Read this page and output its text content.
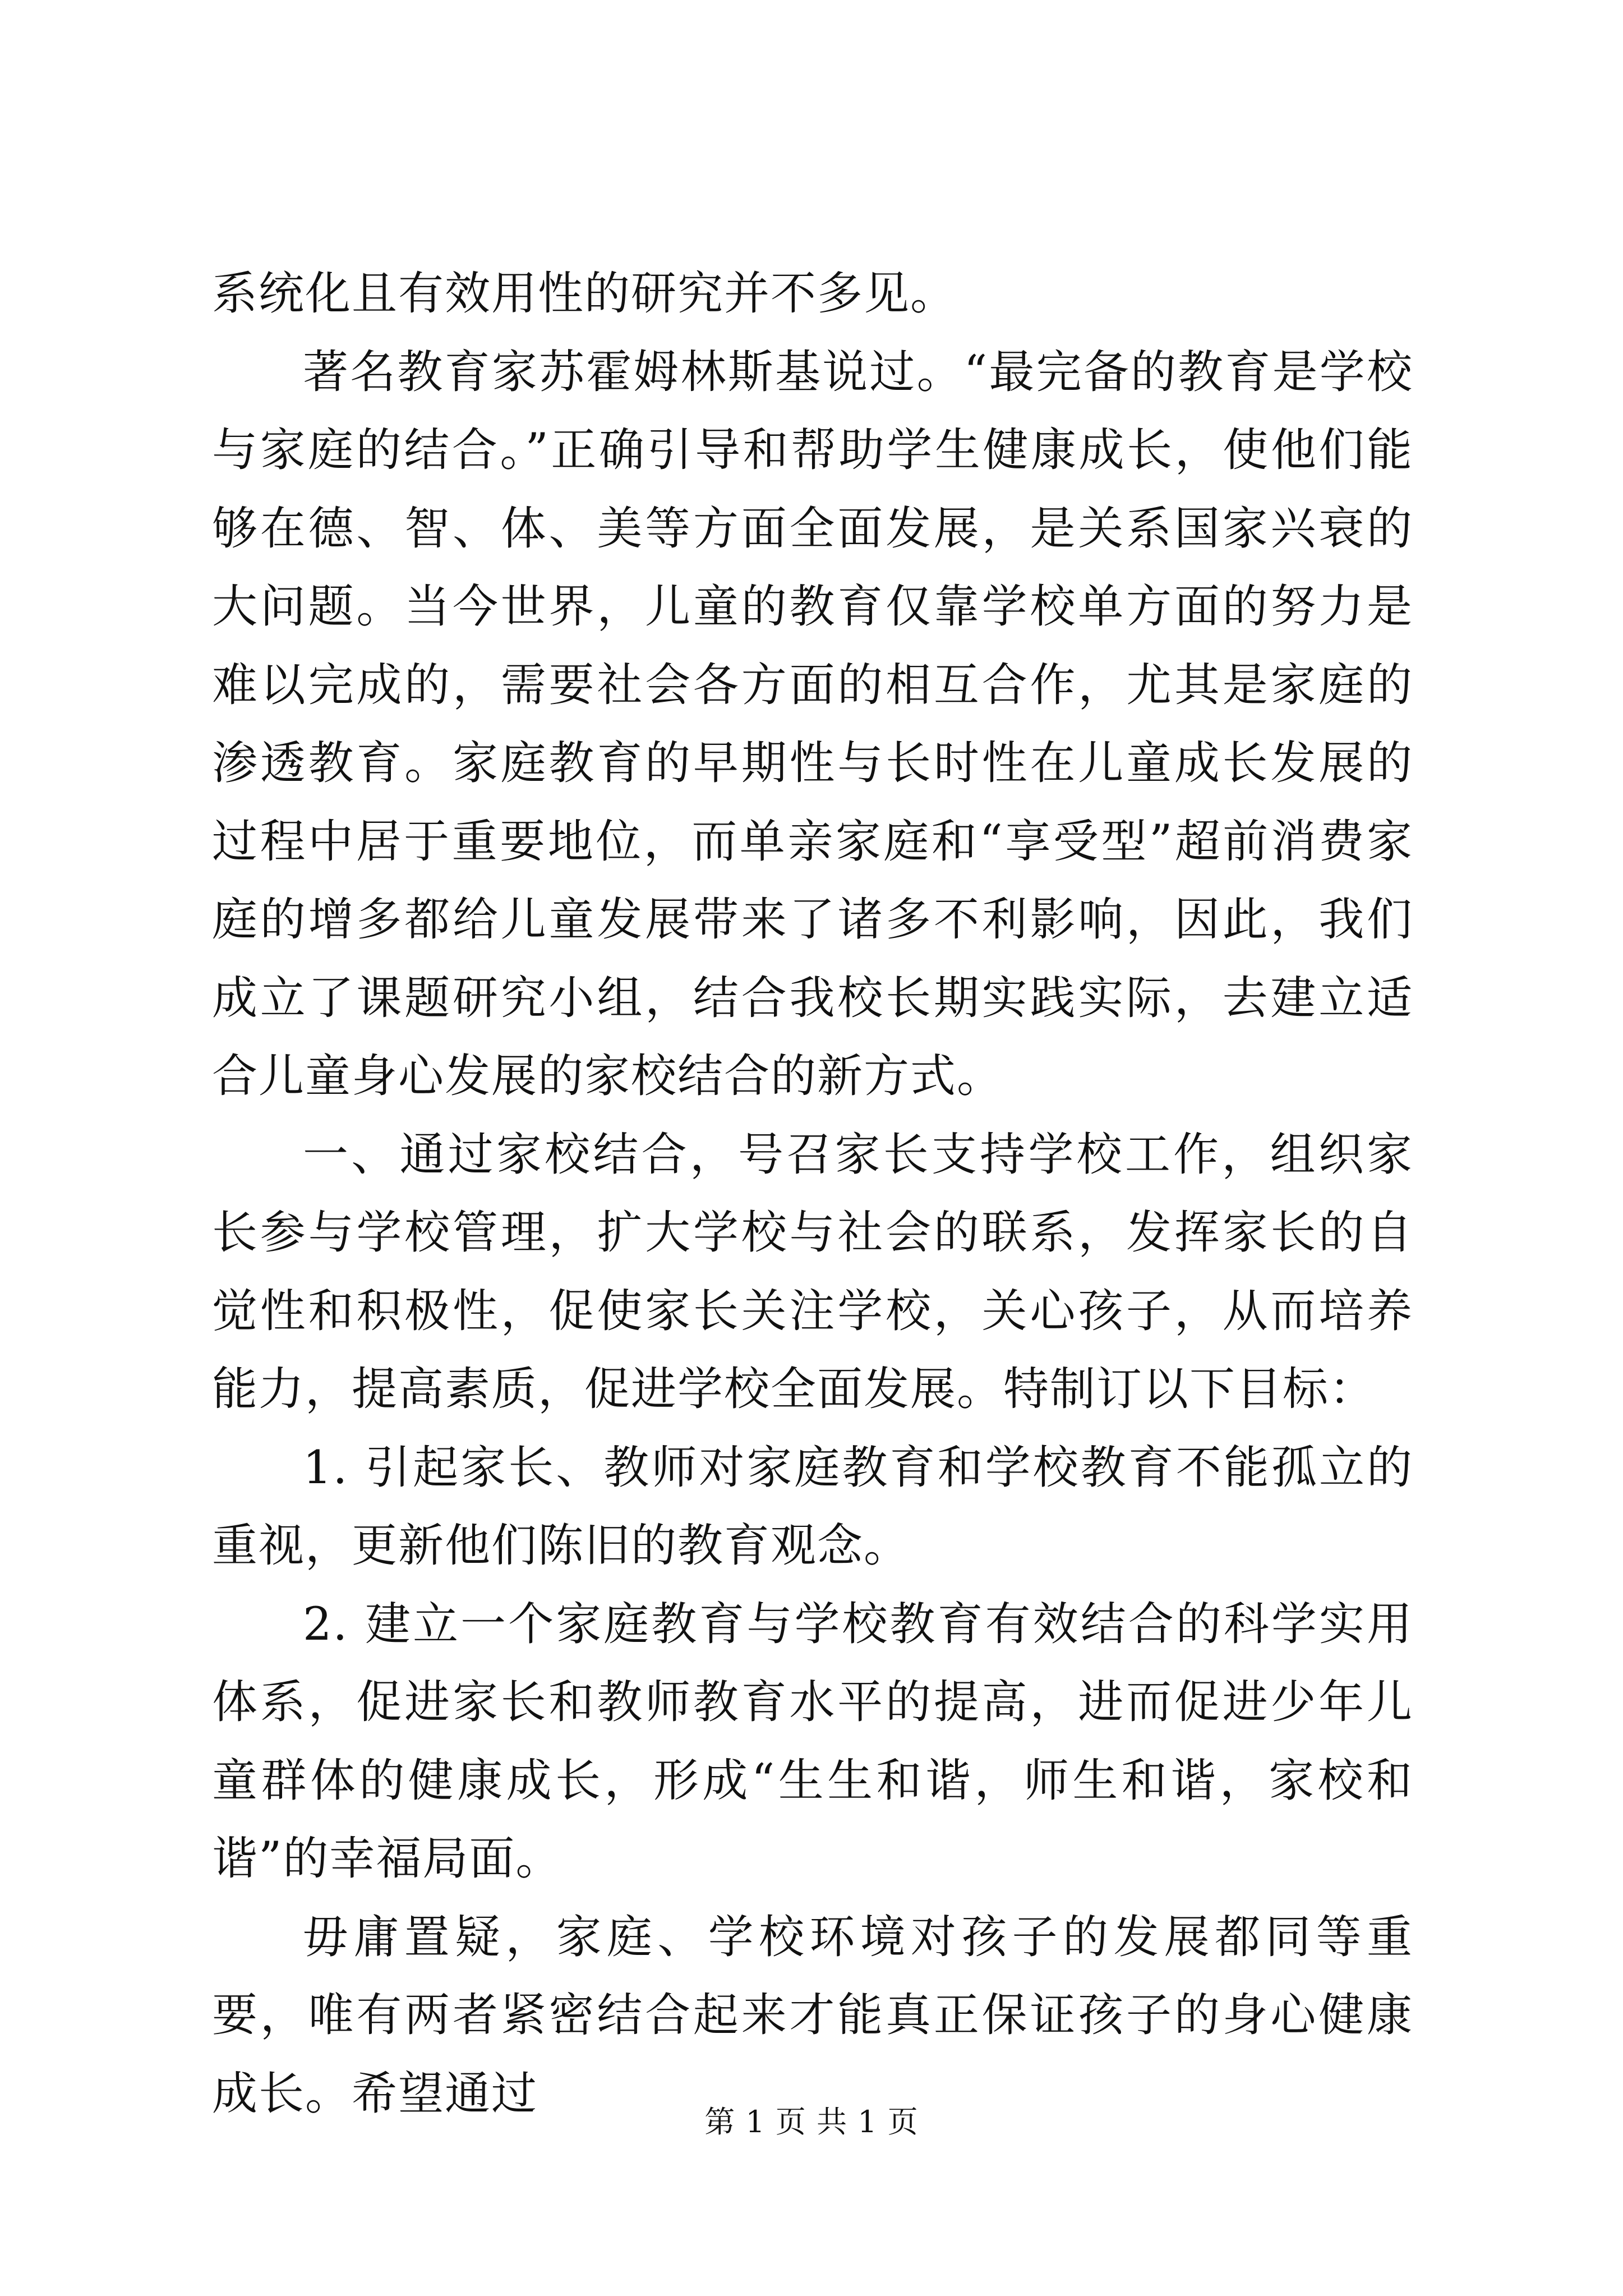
系统化且有效用性的研究并不多见。

著名教育家苏霍姆林斯基说过。“最完备的教育是学校与家庭的结合。”正确引导和帮助学生健康成长，使他们能够在德、智、体、美等方面全面发展，是关系国家兴衰的大问题。当今世界，儿童的教育仅靠学校单方面的努力是难以完成的，需要社会各方面的相互合作，尤其是家庭的渗透教育。家庭教育的早期性与长时性在儿童成长发展的过程中居于重要地位，而单亲家庭和“享受型”超前消费家庭的增多都给儿童发展带来了诸多不利影响，因此，我们成立了课题研究小组，结合我校长期实践实际，去建立适合儿童身心发展的家校结合的新方式。

一、通过家校结合，号召家长支持学校工作，组织家长参与学校管理，扩大学校与社会的联系，发挥家长的自觉性和积极性，促使家长关注学校，关心孩子，从而培养能力，提高素质，促进学校全面发展。特制订以下目标：

1. 引起家长、教师对家庭教育和学校教育不能孤立的重视，更新他们陈旧的教育观念。

2. 建立一个家庭教育与学校教育有效结合的科学实用体系，促进家长和教师教育水平的提高，进而促进少年儿童群体的健康成长，形成“生生和谐，师生和谐，家校和谐”的幸福局面。

毋庸置疑，家庭、学校环境对孩子的发展都同等重要，唯有两者紧密结合起来才能真正保证孩子的身心健康成长。希望通过

第 1 页 共 1 页
